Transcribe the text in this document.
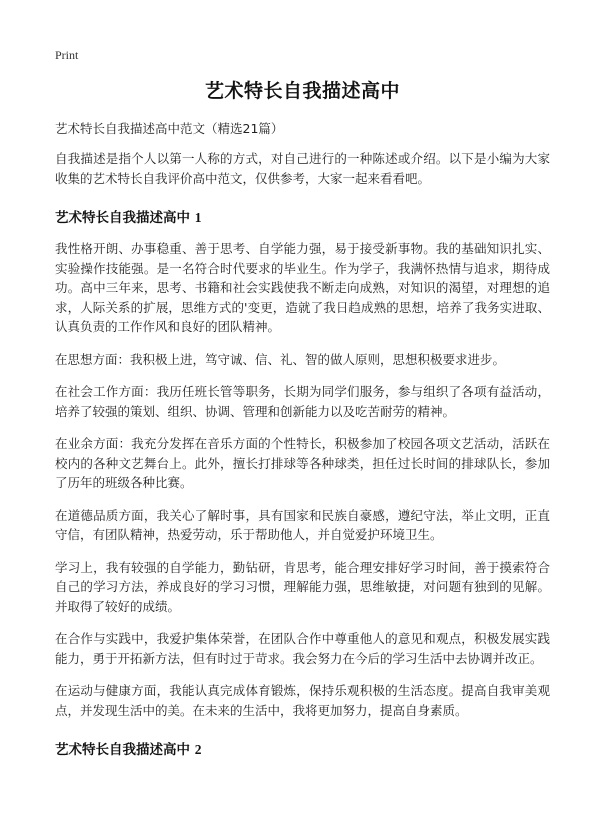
Print
艺术特长自我描述高中

艺术特长自我描述高中范文（精选21篇）

自我描述是指个人以第一人称的方式，对自己进行的一种陈述或介绍。以下是小编为大家收集的艺术特长自我评价高中范文，仅供参考，大家一起来看看吧。

艺术特长自我描述高中 1

我性格开朗、办事稳重、善于思考、自学能力强，易于接受新事物。我的基础知识扎实、实验操作技能强。是一名符合时代要求的毕业生。作为学子，我满怀热情与追求，期待成功。高中三年来，思考、书籍和社会实践使我不断走向成熟，对知识的渴望，对理想的追求，人际关系的扩展，思维方式的'变更，造就了我日趋成熟的思想，培养了我务实进取、认真负责的工作作风和良好的团队精神。

在思想方面：我积极上进，笃守诚、信、礼、智的做人原则，思想积极要求进步。

在社会工作方面：我历任班长管等职务，长期为同学们服务，参与组织了各项有益活动，培养了较强的策划、组织、协调、管理和创新能力以及吃苦耐劳的精神。

在业余方面：我充分发挥在音乐方面的个性特长，积极参加了校园各项文艺活动，活跃在校内的各种文艺舞台上。此外，擅长打排球等各种球类，担任过长时间的排球队长，参加了历年的班级各种比赛。

在道德品质方面，我关心了解时事，具有国家和民族自豪感，遵纪守法，举止文明，正直守信，有团队精神，热爱劳动，乐于帮助他人，并自觉爱护环境卫生。

学习上，我有较强的自学能力，勤钻研，肯思考，能合理安排好学习时间，善于摸索符合自己的学习方法，养成良好的学习习惯，理解能力强，思维敏捷，对问题有独到的见解。并取得了较好的成绩。

在合作与实践中，我爱护集体荣誉，在团队合作中尊重他人的意见和观点，积极发展实践能力，勇于开拓新方法，但有时过于苛求。我会努力在今后的学习生活中去协调并改正。

在运动与健康方面，我能认真完成体育锻炼，保持乐观积极的生活态度。提高自我审美观点，并发现生活中的美。在未来的生活中，我将更加努力，提高自身素质。

艺术特长自我描述高中 2
